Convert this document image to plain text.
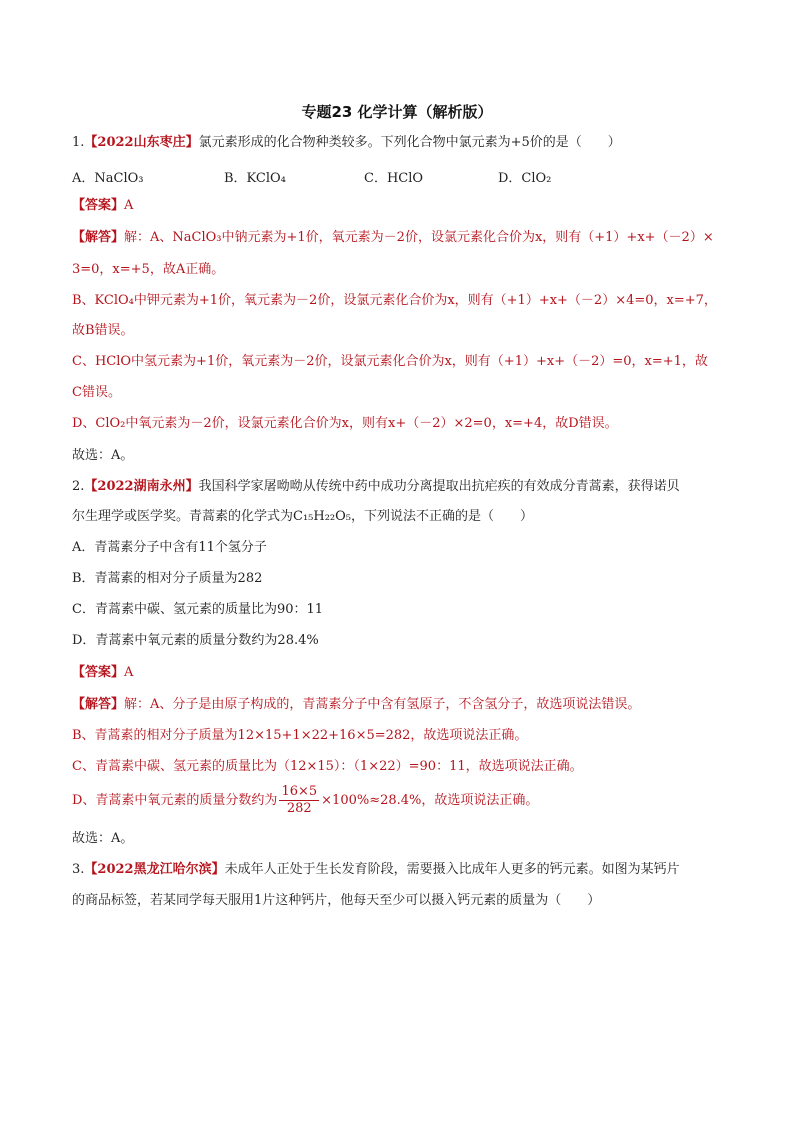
专题23 化学计算（解析版）
1.【2022山东枣庄】氯元素形成的化合物种类较多。下列化合物中氯元素为+5价的是（　　）
A．NaClO₃	B．KClO₄	C．HClO	D．ClO₂
【答案】A
【解答】解：A、NaClO₃中钠元素为+1价，氧元素为－2价，设氯元素化合价为x，则有（+1）+x+（－2）×
3=0，x=+5，故A正确。
B、KClO₄中钾元素为+1价，氧元素为－2价，设氯元素化合价为x，则有（+1）+x+（－2）×4=0，x=+7，
故B错误。
C、HClO中氢元素为+1价，氧元素为－2价，设氯元素化合价为x，则有（+1）+x+（－2）=0，x=+1，故
C错误。
D、ClO₂中氧元素为－2价，设氯元素化合价为x，则有x+（－2）×2=0，x=+4，故D错误。
故选：A。
2.【2022湖南永州】我国科学家屠呦呦从传统中药中成功分离提取出抗疟疾的有效成分青蒿素，获得诺贝
尔生理学或医学奖。青蒿素的化学式为C₁₅H₂₂O₅，下列说法不正确的是（　　）
A．青蒿素分子中含有11个氢分子
B．青蒿素的相对分子质量为282
C．青蒿素中碳、氢元素的质量比为90：11
D．青蒿素中氧元素的质量分数约为28.4%
【答案】A
【解答】解：A、分子是由原子构成的，青蒿素分子中含有氢原子，不含氢分子，故选项说法错误。
B、青蒿素的相对分子质量为12×15+1×22+16×5=282，故选项说法正确。
C、青蒿素中碳、氢元素的质量比为（12×15）：（1×22）=90：11，故选项说法正确。
D、青蒿素中氧元素的质量分数约为 $\frac{16\times 5}{282} \times 100\%\approx 28.4\%$，故选项说法正确。
故选：A。
3.【2022黑龙江哈尔滨】未成年人正处于生长发育阶段，需要摄入比成年人更多的钙元素。如图为某钙片
的商品标签，若某同学每天服用1片这种钙片，他每天至少可以摄入钙元素的质量为（　　）
